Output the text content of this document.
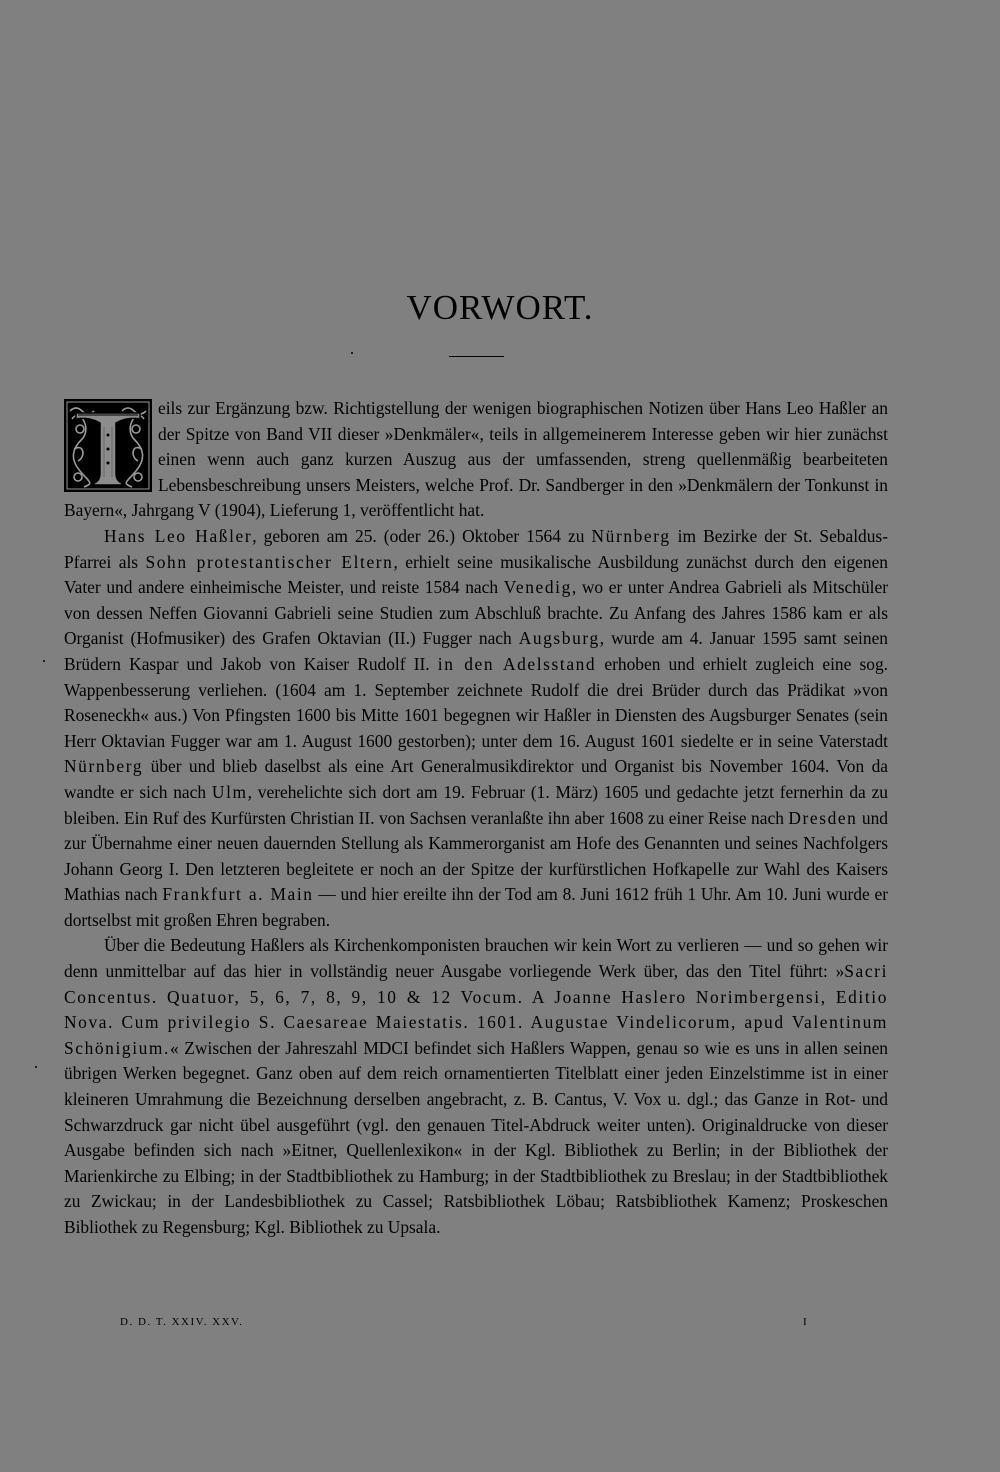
VORWORT.

eils zur Ergänzung bzw. Richtigstellung der wenigen biographischen Notizen über Hans Leo Haßler an der Spitze von Band VII dieser »Denkmäler«, teils in allgemeinerem Interesse geben wir hier zunächst einen wenn auch ganz kurzen Auszug aus der umfassenden, streng quellenmäßig bearbeiteten Lebensbeschreibung unsers Meisters, welche Prof. Dr. Sandberger in den »Denkmälern der Tonkunst in Bayern«, Jahrgang V (1904), Lieferung 1, veröffentlicht hat.

Hans Leo Haßler, geboren am 25. (oder 26.) Oktober 1564 zu Nürnberg im Bezirke der St. Sebaldus-Pfarrei als Sohn protestantischer Eltern, erhielt seine musikalische Ausbildung zunächst durch den eigenen Vater und andere einheimische Meister, und reiste 1584 nach Venedig, wo er unter Andrea Gabrieli als Mitschüler von dessen Neffen Giovanni Gabrieli seine Studien zum Abschluß brachte. Zu Anfang des Jahres 1586 kam er als Organist (Hofmusiker) des Grafen Oktavian (II.) Fugger nach Augsburg, wurde am 4. Januar 1595 samt seinen Brüdern Kaspar und Jakob von Kaiser Rudolf II. in den Adelsstand erhoben und erhielt zugleich eine sog. Wappenbesserung verliehen. (1604 am 1. September zeichnete Rudolf die drei Brüder durch das Prädikat »von Roseneckh« aus.) Von Pfingsten 1600 bis Mitte 1601 begegnen wir Haßler in Diensten des Augsburger Senates (sein Herr Oktavian Fugger war am 1. August 1600 gestorben); unter dem 16. August 1601 siedelte er in seine Vaterstadt Nürnberg über und blieb daselbst als eine Art Generalmusikdirektor und Organist bis November 1604. Von da wandte er sich nach Ulm, verehelichte sich dort am 19. Februar (1. März) 1605 und gedachte jetzt fernerhin da zu bleiben. Ein Ruf des Kurfürsten Christian II. von Sachsen veranlaßte ihn aber 1608 zu einer Reise nach Dresden und zur Übernahme einer neuen dauernden Stellung als Kammerorganist am Hofe des Genannten und seines Nachfolgers Johann Georg I. Den letzteren begleitete er noch an der Spitze der kurfürstlichen Hofkapelle zur Wahl des Kaisers Mathias nach Frankfurt a. Main — und hier ereilte ihn der Tod am 8. Juni 1612 früh 1 Uhr. Am 10. Juni wurde er dortselbst mit großen Ehren begraben.

Über die Bedeutung Haßlers als Kirchenkomponisten brauchen wir kein Wort zu verlieren — und so gehen wir denn unmittelbar auf das hier in vollständig neuer Ausgabe vorliegende Werk über, das den Titel führt: »Sacri Concentus. Quatuor, 5, 6, 7, 8, 9, 10 & 12 Vocum. A Joanne Haslero Norimbergensi, Editio Nova. Cum privilegio S. Caesareae Maiestatis. 1601. Augustae Vindelicorum, apud Valentinum Schönigium.« Zwischen der Jahreszahl MDCI befindet sich Haßlers Wappen, genau so wie es uns in allen seinen übrigen Werken begegnet. Ganz oben auf dem reich ornamentierten Titelblatt einer jeden Einzelstimme ist in einer kleineren Umrahmung die Bezeichnung derselben angebracht, z. B. Cantus, V. Vox u. dgl.; das Ganze in Rot- und Schwarzdruck gar nicht übel ausgeführt (vgl. den genauen Titel-Abdruck weiter unten). Originaldrucke von dieser Ausgabe befinden sich nach »Eitner, Quellenlexikon« in der Kgl. Bibliothek zu Berlin; in der Bibliothek der Marienkirche zu Elbing; in der Stadtbibliothek zu Hamburg; in der Stadtbibliothek zu Breslau; in der Stadtbibliothek zu Zwickau; in der Landesbibliothek zu Cassel; Ratsbibliothek Löbau; Ratsbibliothek Kamenz; Proskeschen Bibliothek zu Regensburg; Kgl. Bibliothek zu Upsala.

D. D. T. XXIV. XXV.	I
